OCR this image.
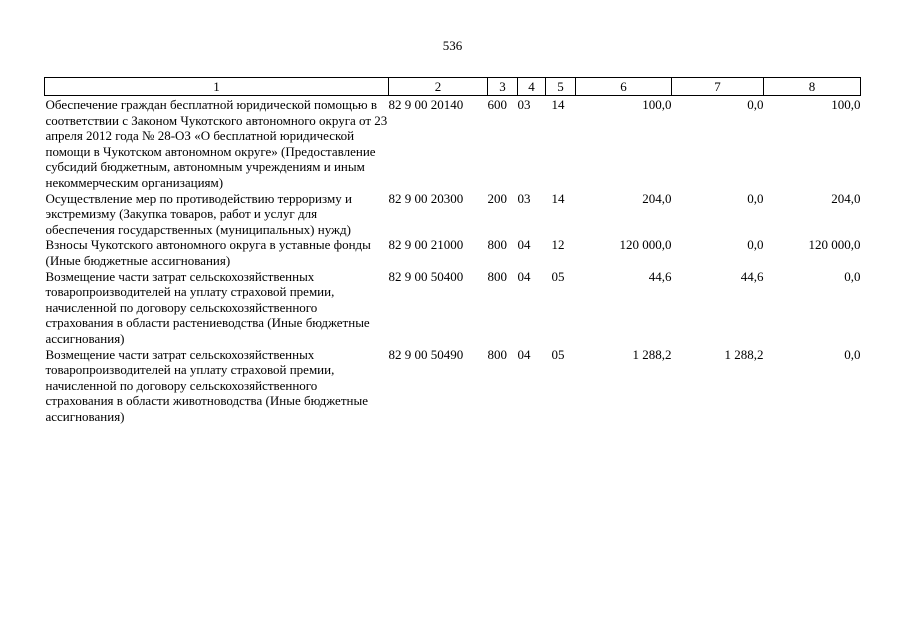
536
1	2	3	4	5	6	7	8
Обеспечение граждан бесплатной юридической помощью в соответствии с Законом Чукотского автономного округа от 23 апреля 2012 года № 28-ОЗ «О бесплатной юридической помощи в Чукотском автономном округе» (Предоставление субсидий бюджетным, автономным учреждениям и иным некоммерческим организациям)	82 9 00 20140	600	03	14	100,0	0,0	100,0
Осуществление мер по противодействию терроризму и экстремизму (Закупка товаров, работ и услуг для обеспечения государственных (муниципальных) нужд)	82 9 00 20300	200	03	14	204,0	0,0	204,0
Взносы Чукотского автономного округа в уставные фонды (Иные бюджетные ассигнования)	82 9 00 21000	800	04	12	120 000,0	0,0	120 000,0
Возмещение части затрат сельскохозяйственных товаропроизводителей на уплату страховой премии, начисленной по договору сельскохозяйственного страхования в области растениеводства (Иные бюджетные ассигнования)	82 9 00 50400	800	04	05	44,6	44,6	0,0
Возмещение части затрат сельскохозяйственных товаропроизводителей на уплату страховой премии, начисленной по договору сельскохозяйственного страхования в области животноводства (Иные бюджетные ассигнования)	82 9 00 50490	800	04	05	1 288,2	1 288,2	0,0
